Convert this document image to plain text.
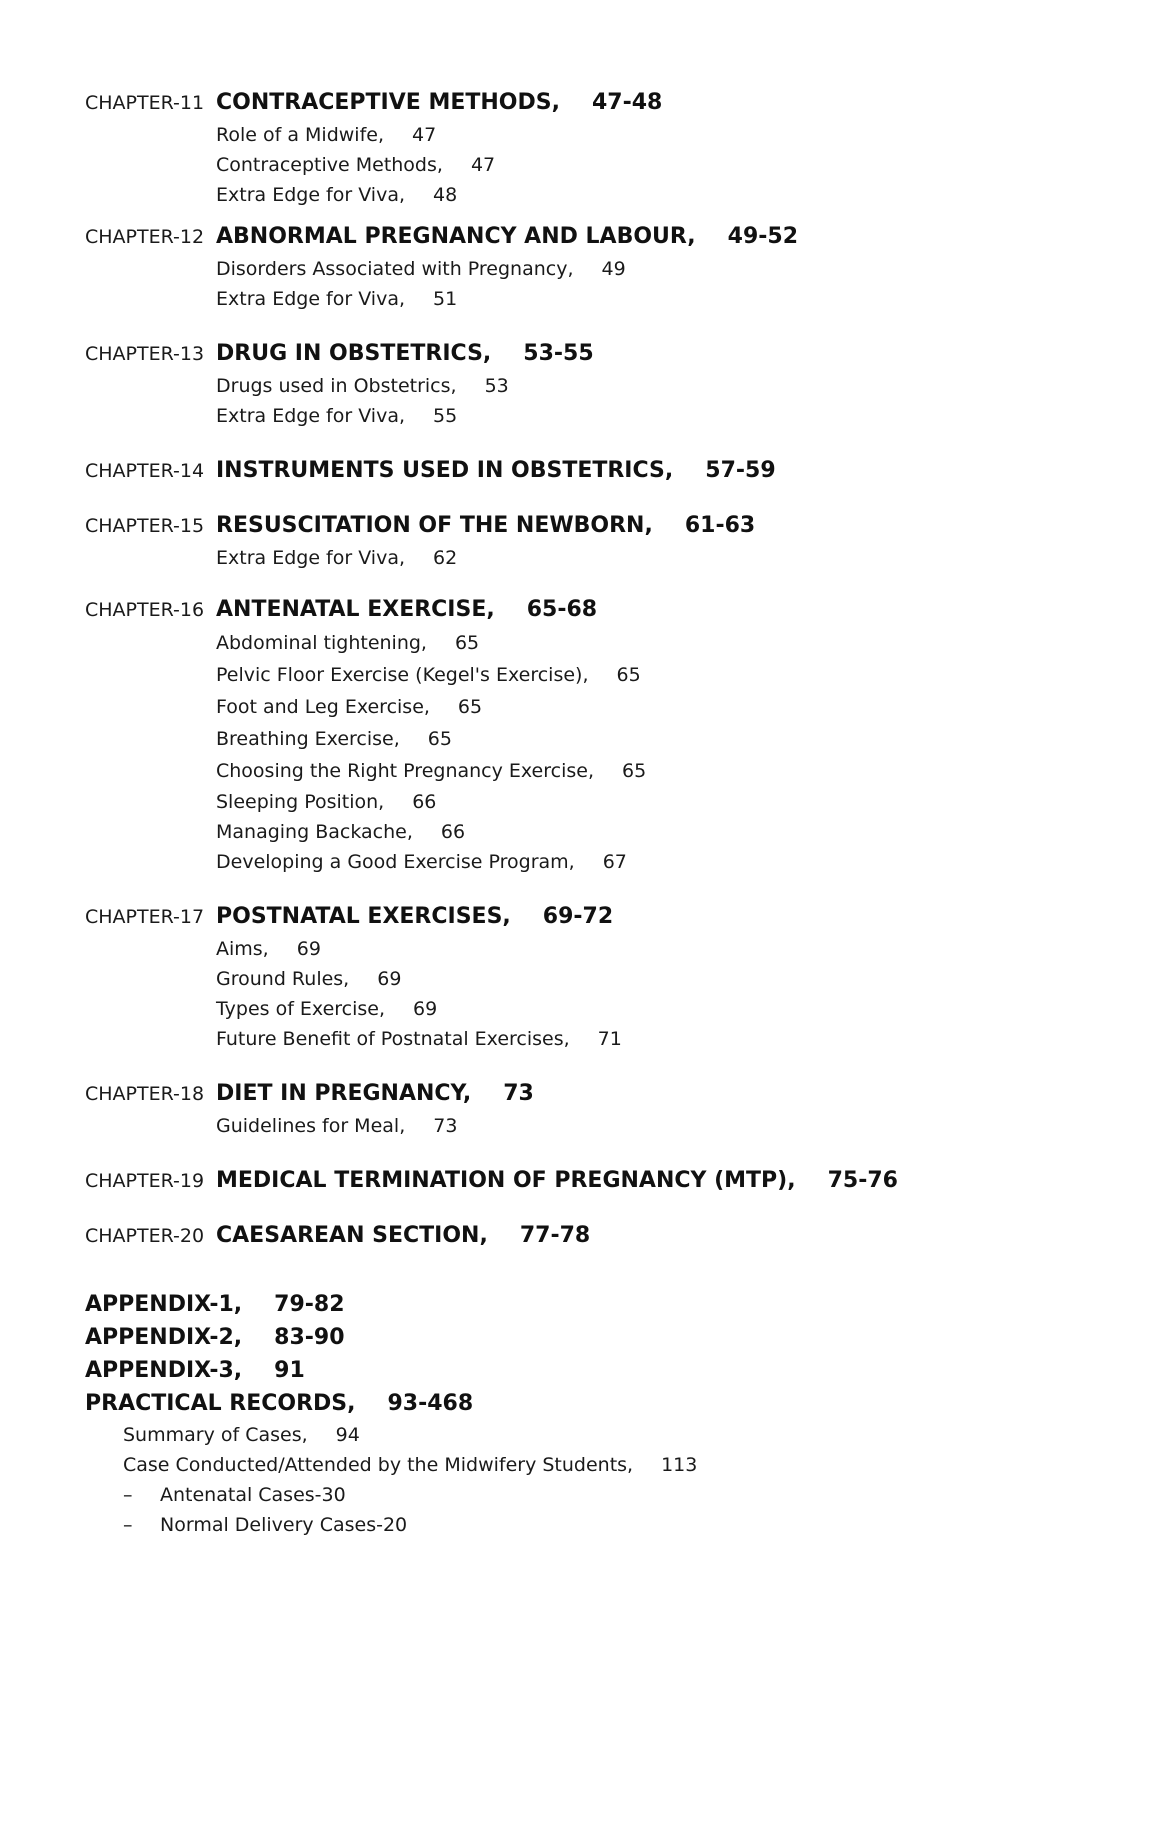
CHAPTER-11 CONTRACEPTIVE METHODS, 47-48
Role of a Midwife, 47
Contraceptive Methods, 47
Extra Edge for Viva, 48
CHAPTER-12 ABNORMAL PREGNANCY AND LABOUR, 49-52
Disorders Associated with Pregnancy, 49
Extra Edge for Viva, 51
CHAPTER-13 DRUG IN OBSTETRICS, 53-55
Drugs used in Obstetrics, 53
Extra Edge for Viva, 55
CHAPTER-14 INSTRUMENTS USED IN OBSTETRICS, 57-59
CHAPTER-15 RESUSCITATION OF THE NEWBORN, 61-63
Extra Edge for Viva, 62
CHAPTER-16 ANTENATAL EXERCISE, 65-68
Abdominal tightening, 65
Pelvic Floor Exercise (Kegel's Exercise), 65
Foot and Leg Exercise, 65
Breathing Exercise, 65
Choosing the Right Pregnancy Exercise, 65
Sleeping Position, 66
Managing Backache, 66
Developing a Good Exercise Program, 67
CHAPTER-17 POSTNATAL EXERCISES, 69-72
Aims, 69
Ground Rules, 69
Types of Exercise, 69
Future Benefit of Postnatal Exercises, 71
CHAPTER-18 DIET IN PREGNANCY, 73
Guidelines for Meal, 73
CHAPTER-19 MEDICAL TERMINATION OF PREGNANCY (MTP), 75-76
CHAPTER-20 CAESAREAN SECTION, 77-78
APPENDIX-1, 79-82
APPENDIX-2, 83-90
APPENDIX-3, 91
PRACTICAL RECORDS, 93-468
Summary of Cases, 94
Case Conducted/Attended by the Midwifery Students, 113
–	Antenatal Cases-30
–	Normal Delivery Cases-20
